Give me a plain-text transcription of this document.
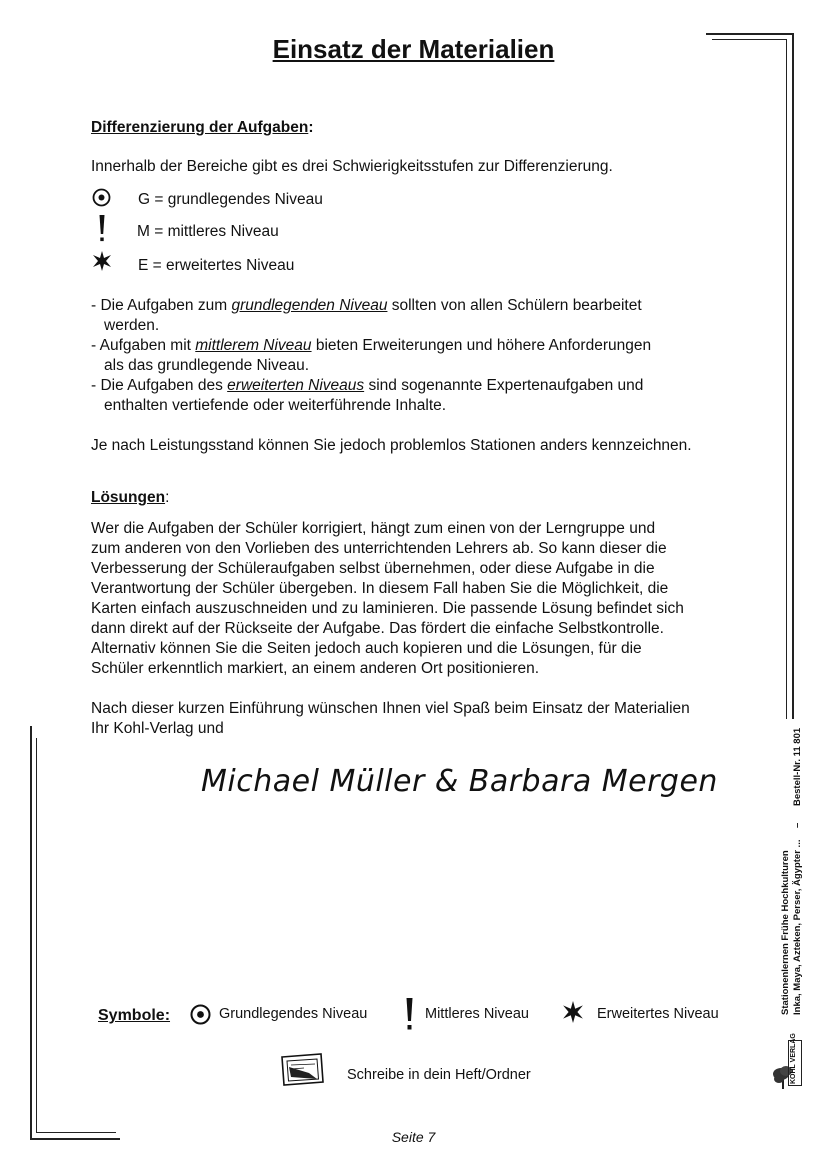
Einsatz der Materialien
Differenzierung der Aufgaben:
Innerhalb der Bereiche gibt es drei Schwierigkeitsstufen zur Differenzierung.
G = grundlegendes Niveau
M = mittleres Niveau
E = erweitertes Niveau
- Die Aufgaben zum grundlegenden Niveau sollten von allen Schülern bearbeitet
werden.
- Aufgaben mit mittlerem Niveau bieten Erweiterungen und höhere Anforderungen
als das grundlegende Niveau.
- Die Aufgaben des erweiterten Niveaus sind sogenannte Expertenaufgaben und
enthalten vertiefende oder weiterführende Inhalte.
Je nach Leistungsstand können Sie jedoch problemlos Stationen anders kennzeichnen.
Lösungen:
Wer die Aufgaben der Schüler korrigiert, hängt zum einen von der Lerngruppe und
zum anderen von den Vorlieben des unterrichtenden Lehrers ab. So kann dieser die
Verbesserung der Schüleraufgaben selbst übernehmen, oder diese Aufgabe in die
Verantwortung der Schüler übergeben. In diesem Fall haben Sie die Möglichkeit, die
Karten einfach auszuschneiden und zu laminieren. Die passende Lösung befindet sich
dann direkt auf der Rückseite der Aufgabe. Das fördert die einfache Selbstkontrolle.
Alternativ können Sie die Seiten jedoch auch kopieren und die Lösungen, für die
Schüler erkenntlich markiert, an einem anderen Ort positionieren.
Nach dieser kurzen Einführung wünschen Ihnen viel Spaß beim Einsatz der Materialien
Ihr Kohl-Verlag und
Michael Müller & Barbara Mergen
Symbole:	Grundlegendes Niveau	Mittleres Niveau	Erweitertes Niveau
Schreibe in dein Heft/Ordner
Stationenlernen Frühe Hochkulturen Inka, Maya, Azteken, Perser, Ägypter ...
–
Bestell-Nr. 11 801
KOHL VERLAG
Seite 7
